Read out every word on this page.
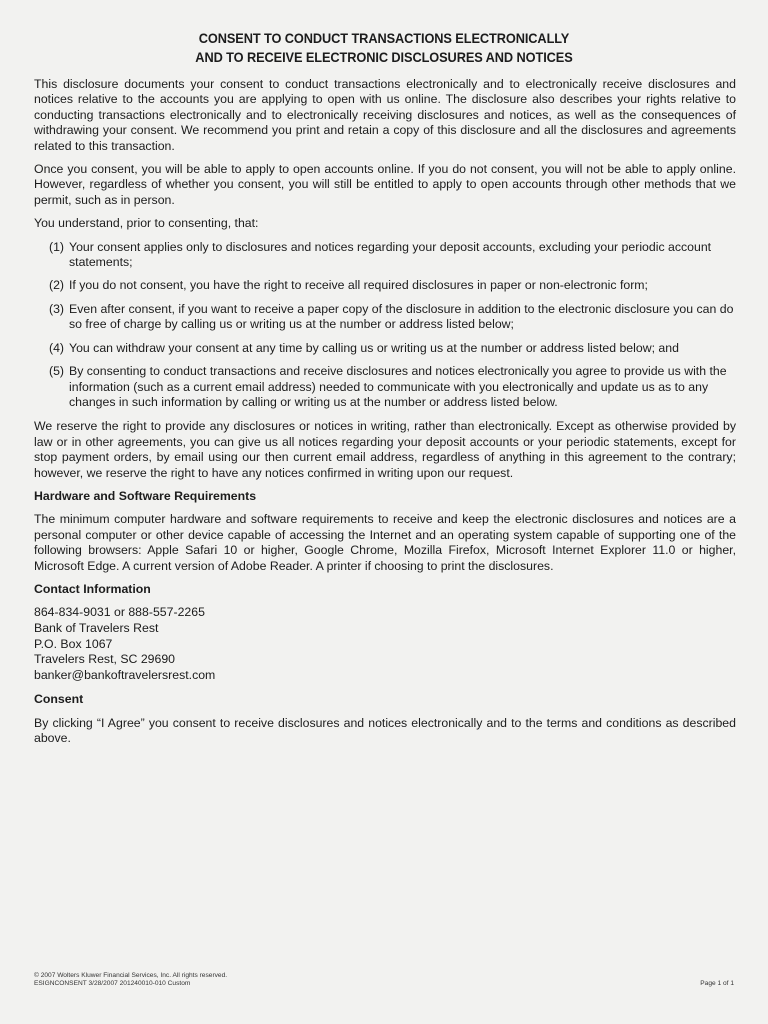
CONSENT TO CONDUCT TRANSACTIONS ELECTRONICALLY
AND TO RECEIVE ELECTRONIC DISCLOSURES AND NOTICES

This disclosure documents your consent to conduct transactions electronically and to electronically receive disclosures and notices relative to the accounts you are applying to open with us online. The disclosure also describes your rights relative to conducting transactions electronically and to electronically receiving disclosures and notices, as well as the consequences of withdrawing your consent. We recommend you print and retain a copy of this disclosure and all the disclosures and agreements related to this transaction.

Once you consent, you will be able to apply to open accounts online. If you do not consent, you will not be able to apply online. However, regardless of whether you consent, you will still be entitled to apply to open accounts through other methods that we permit, such as in person.

You understand, prior to consenting, that:

(1) Your consent applies only to disclosures and notices regarding your deposit accounts, excluding your periodic account statements;
(2) If you do not consent, you have the right to receive all required disclosures in paper or non-electronic form;
(3) Even after consent, if you want to receive a paper copy of the disclosure in addition to the electronic disclosure you can do so free of charge by calling us or writing us at the number or address listed below;
(4) You can withdraw your consent at any time by calling us or writing us at the number or address listed below; and
(5) By consenting to conduct transactions and receive disclosures and notices electronically you agree to provide us with the information (such as a current email address) needed to communicate with you electronically and update us as to any changes in such information by calling or writing us at the number or address listed below.

We reserve the right to provide any disclosures or notices in writing, rather than electronically. Except as otherwise provided by law or in other agreements, you can give us all notices regarding your deposit accounts or your periodic statements, except for stop payment orders, by email using our then current email address, regardless of anything in this agreement to the contrary; however, we reserve the right to have any notices confirmed in writing upon our request.

Hardware and Software Requirements

The minimum computer hardware and software requirements to receive and keep the electronic disclosures and notices are a personal computer or other device capable of accessing the Internet and an operating system capable of supporting one of the following browsers: Apple Safari 10 or higher, Google Chrome, Mozilla Firefox, Microsoft Internet Explorer 11.0 or higher, Microsoft Edge. A current version of Adobe Reader. A printer if choosing to print the disclosures.

Contact Information
864-834-9031 or 888-557-2265
Bank of Travelers Rest
P.O. Box 1067
Travelers Rest, SC 29690
banker@bankoftravelersrest.com
Consent

By clicking “I Agree” you consent to receive disclosures and notices electronically and to the terms and conditions as described above.

© 2007 Wolters Kluwer Financial Services, Inc. All rights reserved.
ESIGNCONSENT 3/28/2007 201240010-010 Custom	Page 1 of 1
